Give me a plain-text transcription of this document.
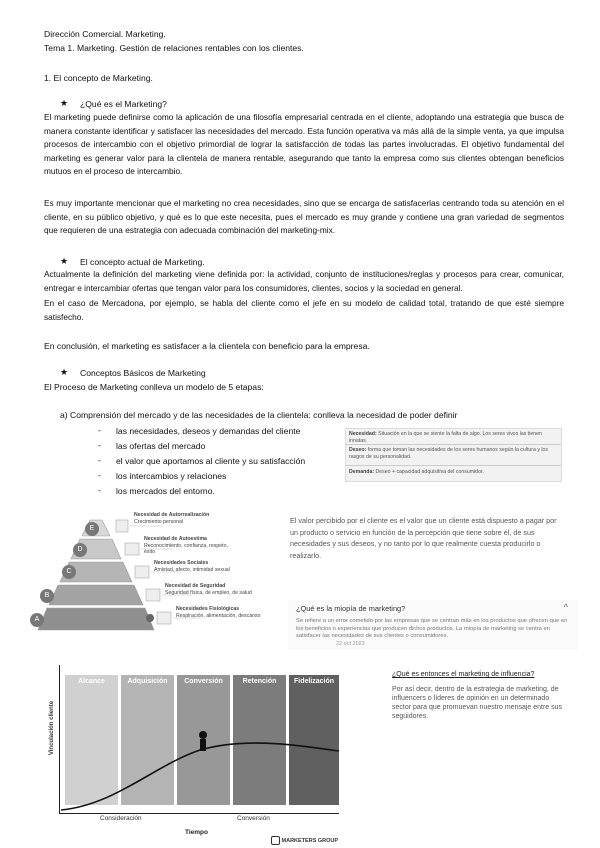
Dirección Comercial. Marketing.
Tema 1. Marketing. Gestión de relaciones rentables con los clientes.
1. El concepto de Marketing.
★ ¿Qué es el Marketing?
El marketing puede definirse como la aplicación de una filosofía empresarial centrada en el cliente, adoptando una estrategia que busca de manera constante identificar y satisfacer las necesidades del mercado. Esta función operativa va más allá de la simple venta, ya que impulsa procesos de intercambio con el objetivo primordial de lograr la satisfacción de todas las partes involucradas. El objetivo fundamental del marketing es generar valor para la clientela de manera rentable, asegurando que tanto la empresa como sus clientes obtengan beneficios mutuos en el proceso de intercambio.
Es muy importante mencionar que el marketing no crea necesidades, sino que se encarga de satisfacerlas centrando toda su atención en el cliente, en su público objetivo, y qué es lo que este necesita, pues el mercado es muy grande y contiene una gran variedad de segmentos que requieren de una estrategia con adecuada combinación del marketing-mix.
★ El concepto actual de Marketing.
Actualmente la definición del marketing viene definida por: la actividad, conjunto de instituciones/reglas y procesos para crear, comunicar, entregar e intercambiar ofertas que tengan valor para los consumidores, clientes, socios y la sociedad en general.
En el caso de Mercadona, por ejemplo, se habla del cliente como el jefe en su modelo de calidad total, tratando de que esté siempre satisfecho.
En conclusión, el marketing es satisfacer a la clientela con beneficio para la empresa.
★ Conceptos Básicos de Marketing
El Proceso de Marketing conlleva un modelo de 5 etapas:
a) Comprensión del mercado y de las necesidades de la clientela: conlleva la necesidad de poder definir
- las necesidades, deseos y demandas del cliente
- las ofertas del mercado
- el valor que aportamos al cliente y su satisfacción
- los intercambios y relaciones
- los mercados del entorno.
Necesidad: Situación en la que se siente la falta de algo. Los seres vivos las tienen innatas.
Deseo: forma que toman las necesidades de los seres humanos según la cultura y los rasgos de su personalidad.
Demanda: Deseo + capacidad adquisitiva del consumidor.
E
D
C
B
A
Necesidad de Autorrealización
Crecimiento personal
Necesidad de Autoestima
Reconocimiento, confianza, respeto, éxito
Necesidades Sociales
Amistad, afecto, intimidad sexual
Necesidad de Seguridad
Seguridad física, de empleo, de salud
Necesidades Fisiológicas
Respiración, alimentación, descanso
El valor percibido por el cliente es el valor que un cliente está dispuesto a pagar por un producto o servicio en función de la percepción que tiene sobre él, de sus necesidades y sus deseos, y no tanto por lo que realmente cuesta producirlo o realizarlo.
¿Qué es la miopía de marketing?	^
Se refiere a un error cometido por las empresas que se centran más en los productos que ofrecen que en los beneficios o experiencias que producen dichos productos. La miopía de marketing se centra en satisfacer las necesidades de sus clientes o consumidores.
22 oct 2023
¿Qué es entonces el marketing de influencia?
Por así decir, dentro de la estrategia de marketing, de influencers o líderes de opinión en un determinado sector para que promuevan nuestro mensaje entre sus seguidores.
Vinculación cliente
Alcance	Adquisición	Conversión	Retención	Fidelización
Consideración	Conversión
Tiempo
MARKETERS GROUP
